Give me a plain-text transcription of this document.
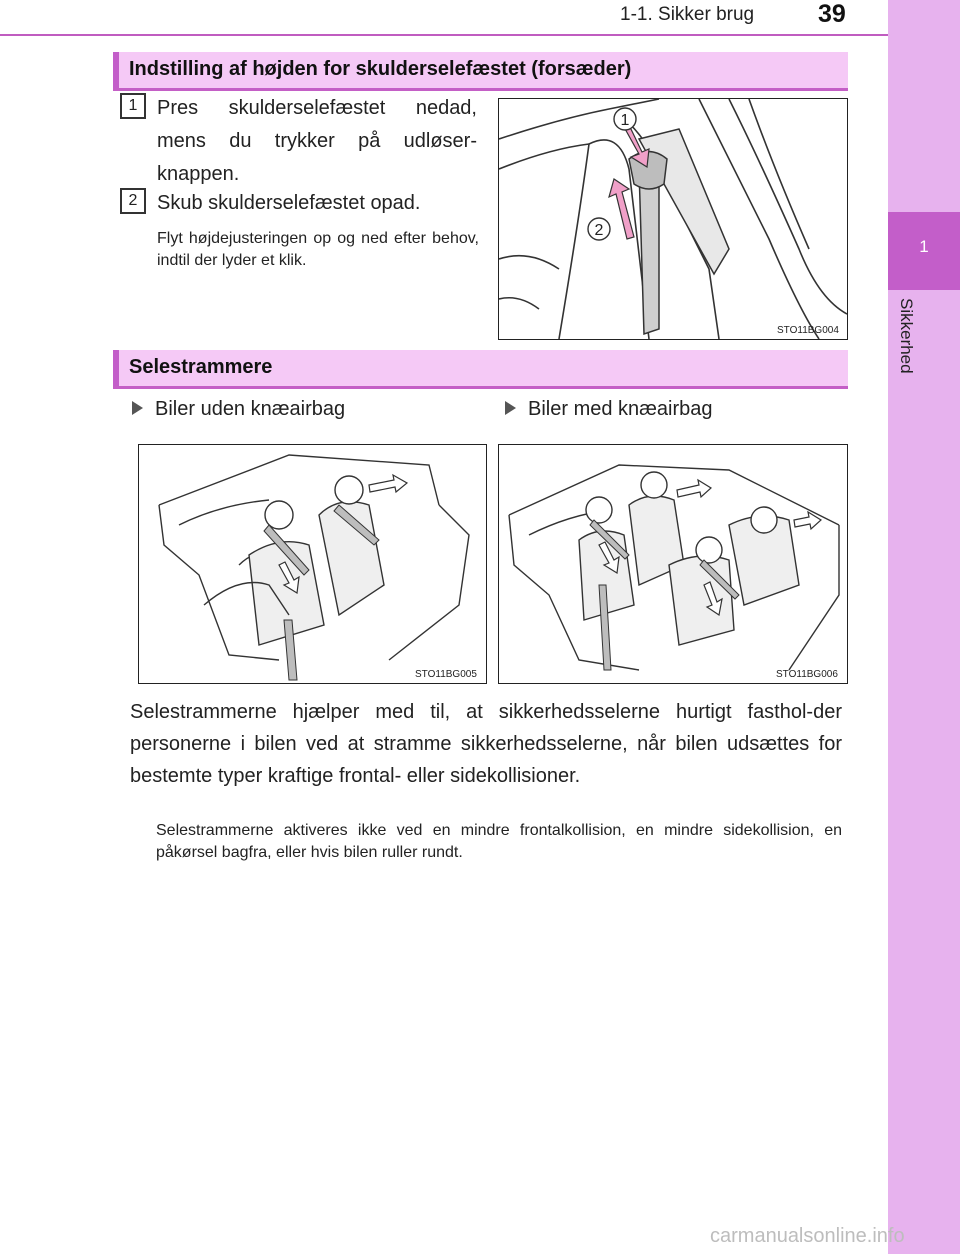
1-1. Sikker brug	39
1
Sikkerhed
Indstilling af højden for skulderselefæstet (forsæder)
1 Pres skulderselefæstet nedad, mens du trykker på udløser-knappen.
2 Skub skulderselefæstet opad.
Flyt højdejusteringen op og ned efter behov, indtil der lyder et klik.
1
2
STO11BG004
Selestrammere
Biler uden knæairbag	Biler med knæairbag
STO11BG005	STO11BG006
Selestrammerne hjælper med til, at sikkerhedsselerne hurtigt fasthol-der personerne i bilen ved at stramme sikkerhedsselerne, når bilen udsættes for bestemte typer kraftige frontal- eller sidekollisioner.
Selestrammerne aktiveres ikke ved en mindre frontalkollision, en mindre sidekollision, en påkørsel bagfra, eller hvis bilen ruller rundt.
carmanualsonline.info
